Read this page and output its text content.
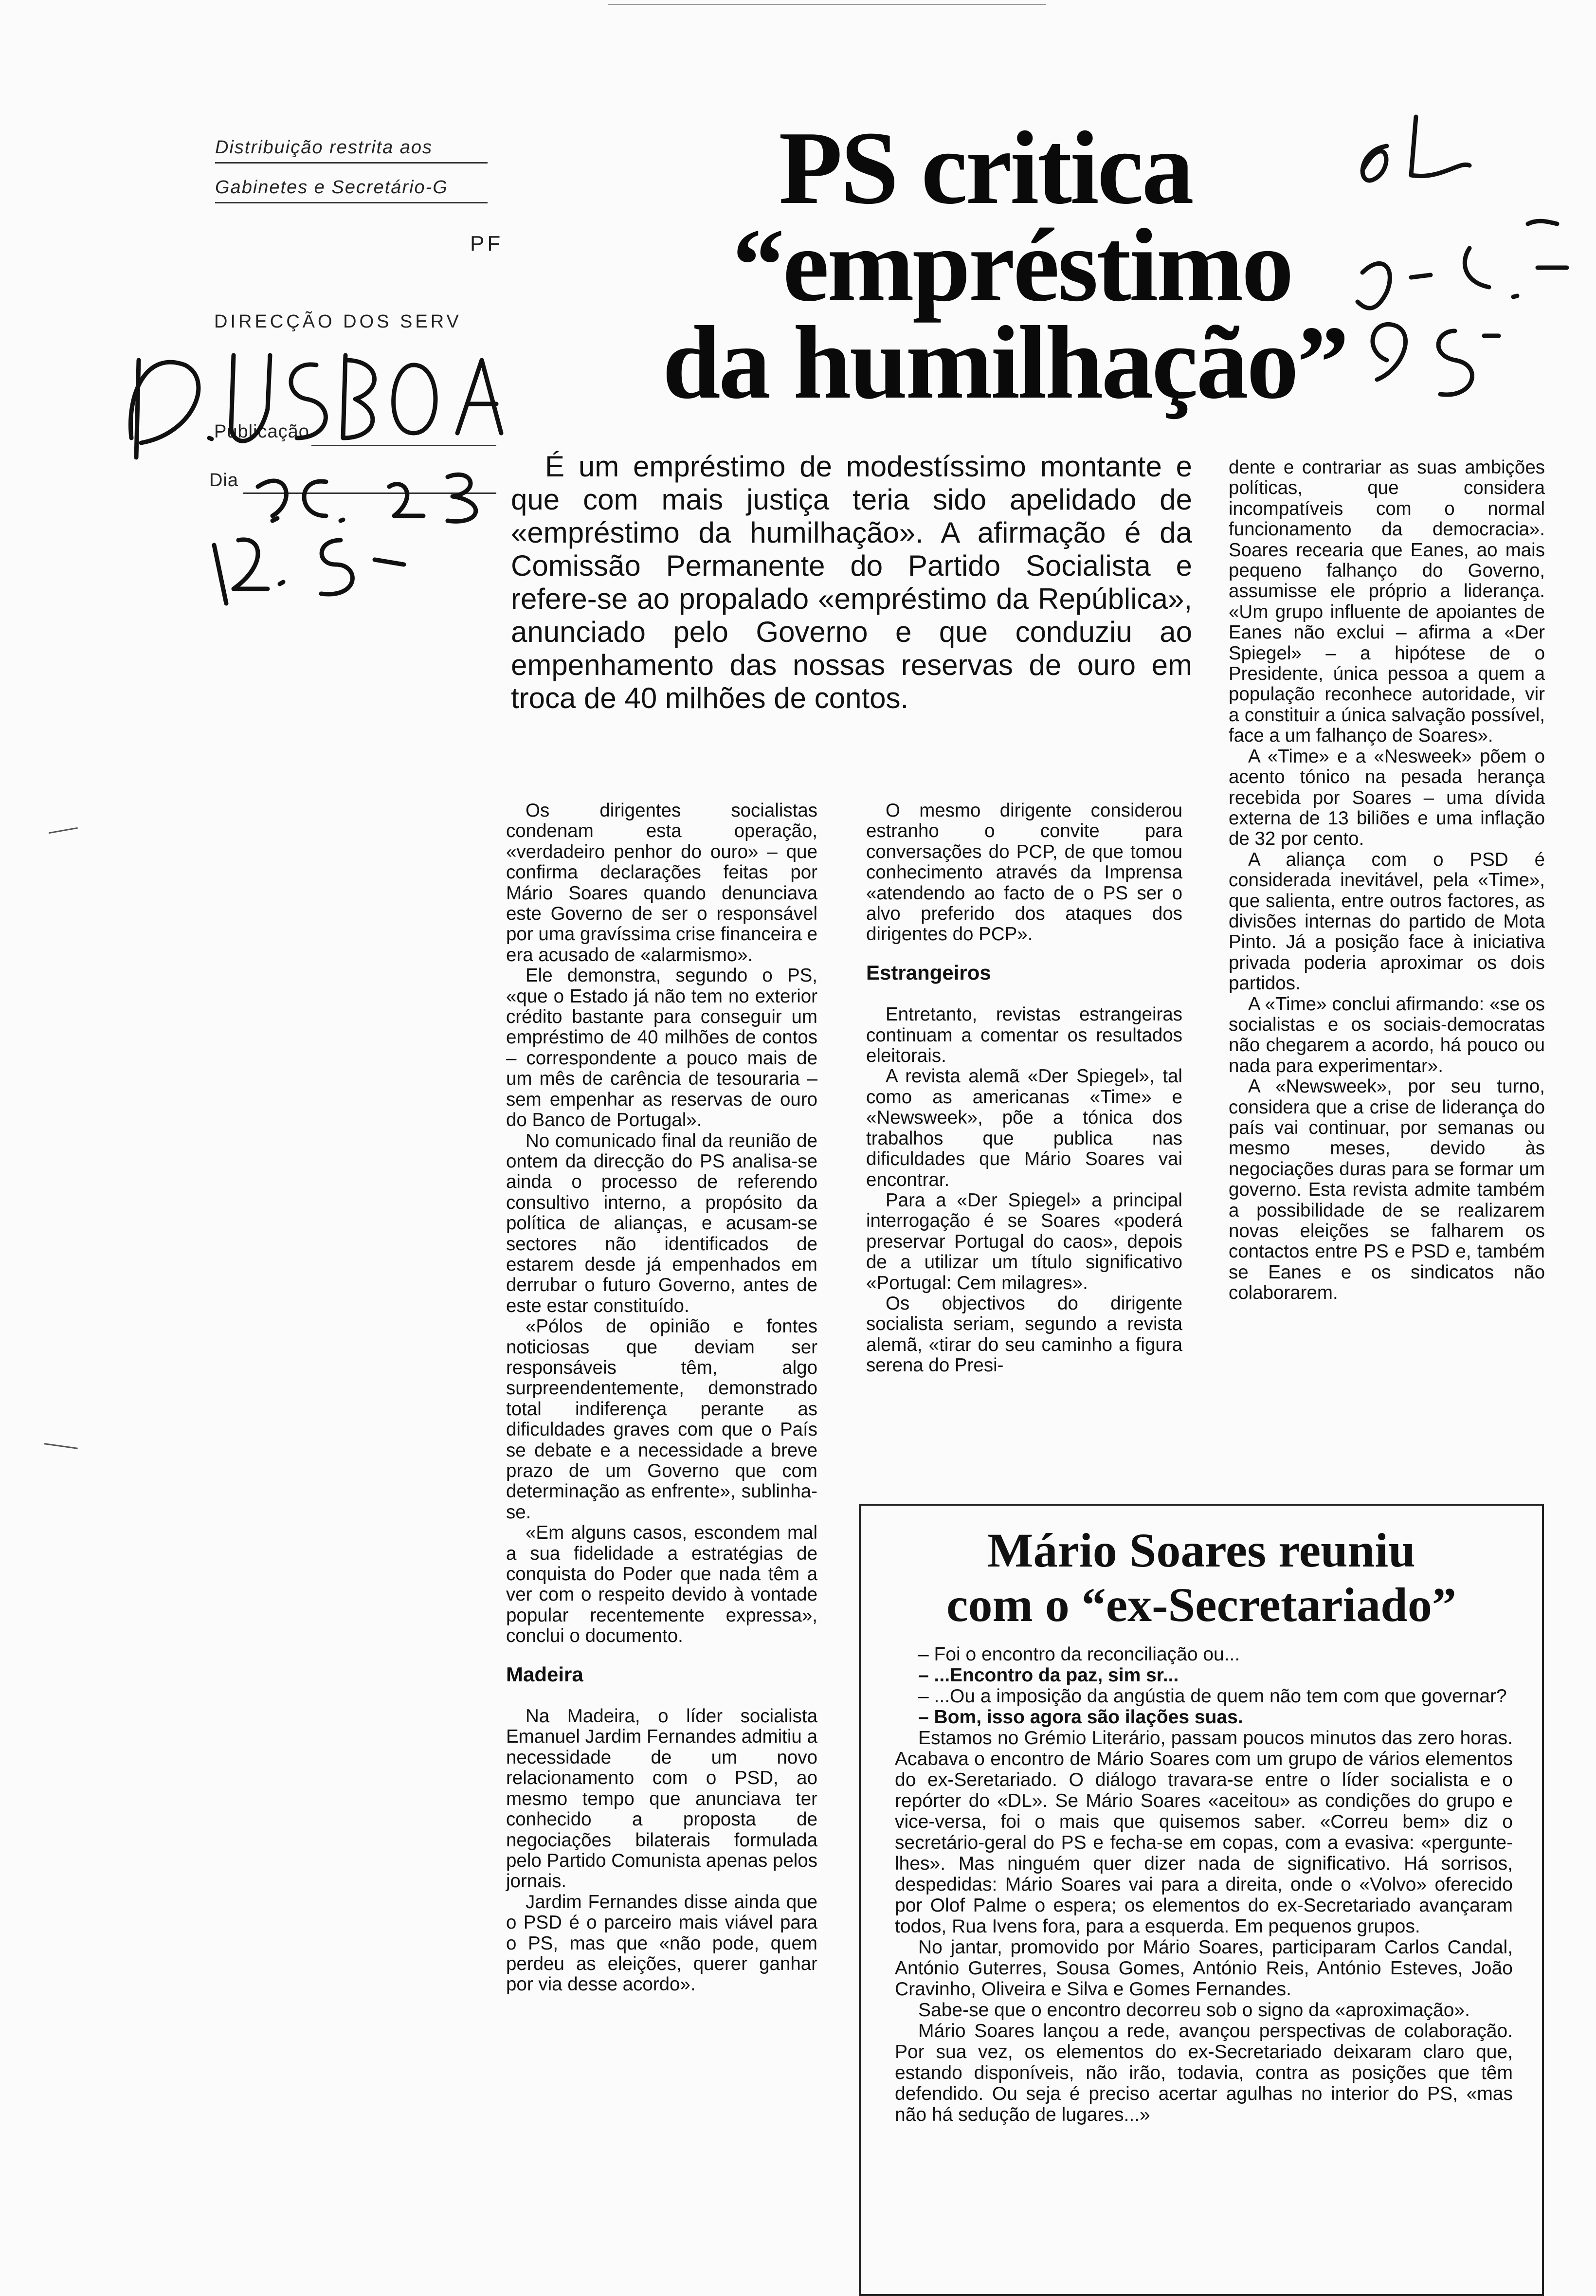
Distribuição restrita aos
Gabinetes e Secretário-G
PF
DIRECÇÃO DOS SERV
Publicação
Dia
PS critica
“empréstimo
da humilhação”
É um empréstimo de modestíssimo montante e que com mais justiça teria sido apelidado de «empréstimo da humilhação». A afirmação é da Comissão Permanente do Partido Socialista e refere-se ao propalado «empréstimo da República», anunciado pelo Governo e que conduziu ao empenhamento das nossas reservas de ouro em troca de 40 milhões de contos.

Os dirigentes socialistas condenam esta operação, «verdadeiro penhor do ouro» – que confirma declarações feitas por Mário Soares quando denunciava este Governo de ser o responsável por uma gravíssima crise financeira e era acusado de «alarmismo».

Ele demonstra, segundo o PS, «que o Estado já não tem no exterior crédito bastante para conseguir um empréstimo de 40 milhões de contos – correspondente a pouco mais de um mês de carência de tesouraria – sem empenhar as reservas de ouro do Banco de Portugal».

No comunicado final da reunião de ontem da direcção do PS analisa-se ainda o processo de referendo consultivo interno, a propósito da política de alianças, e acusam-se sectores não identificados de estarem desde já empenhados em derrubar o futuro Governo, antes de este estar constituído.

«Pólos de opinião e fontes noticiosas que deviam ser responsáveis têm, algo surpreendentemente, demonstrado total indiferença perante as dificuldades graves com que o País se debate e a necessidade a breve prazo de um Governo que com determinação as enfrente», sublinha-se.

«Em alguns casos, escondem mal a sua fidelidade a estratégias de conquista do Poder que nada têm a ver com o respeito devido à vontade popular recentemente expressa», conclui o documento.

Madeira

Na Madeira, o líder socialista Emanuel Jardim Fernandes admitiu a necessidade de um novo relacionamento com o PSD, ao mesmo tempo que anunciava ter conhecido a proposta de negociações bilaterais formulada pelo Partido Comunista apenas pelos jornais.

Jardim Fernandes disse ainda que o PSD é o parceiro mais viável para o PS, mas que «não pode, quem perdeu as eleições, querer ganhar por via desse acordo».

O mesmo dirigente considerou estranho o convite para conversações do PCP, de que tomou conhecimento através da Imprensa «atendendo ao facto de o PS ser o alvo preferido dos ataques dos dirigentes do PCP».

Estrangeiros

Entretanto, revistas estrangeiras continuam a comentar os resultados eleitorais.

A revista alemã «Der Spiegel», tal como as americanas «Time» e «Newsweek», põe a tónica dos trabalhos que publica nas dificuldades que Mário Soares vai encontrar.

Para a «Der Spiegel» a principal interrogação é se Soares «poderá preservar Portugal do caos», depois de a utilizar um título significativo «Portugal: Cem milagres».

Os objectivos do dirigente socialista seriam, segundo a revista alemã, «tirar do seu caminho a figura serena do Presi-

dente e contrariar as suas ambições políticas, que considera incompatíveis com o normal funcionamento da democracia». Soares recearia que Eanes, ao mais pequeno falhanço do Governo, assumisse ele próprio a liderança. «Um grupo influente de apoiantes de Eanes não exclui – afirma a «Der Spiegel» – a hipótese de o Presidente, única pessoa a quem a população reconhece autoridade, vir a constituir a única salvação possível, face a um falhanço de Soares».

A «Time» e a «Nesweek» põem o acento tónico na pesada herança recebida por Soares – uma dívida externa de 13 biliões e uma inflação de 32 por cento.

A aliança com o PSD é considerada inevitável, pela «Time», que salienta, entre outros factores, as divisões internas do partido de Mota Pinto. Já a posição face à iniciativa privada poderia aproximar os dois partidos.

A «Time» conclui afirmando: «se os socialistas e os sociais-democratas não chegarem a acordo, há pouco ou nada para experimentar».

A «Newsweek», por seu turno, considera que a crise de liderança do país vai continuar, por semanas ou mesmo meses, devido às negociações duras para se formar um governo. Esta revista admite também a possibilidade de se realizarem novas eleições se falharem os contactos entre PS e PSD e, também se Eanes e os sindicatos não colaborarem.

Mário Soares reuniu
com o “ex-Secretariado”

– Foi o encontro da reconciliação ou...

– ...Encontro da paz, sim sr...

– ...Ou a imposição da angústia de quem não tem com que governar?

– Bom, isso agora são ilações suas.

Estamos no Grémio Literário, passam poucos minutos das zero horas. Acabava o encontro de Mário Soares com um grupo de vários elementos do ex-Seretariado. O diálogo travara-se entre o líder socialista e o repórter do «DL». Se Mário Soares «aceitou» as condições do grupo e vice-versa, foi o mais que quisemos saber. «Correu bem» diz o secretário-geral do PS e fecha-se em copas, com a evasiva: «pergunte-lhes». Mas ninguém quer dizer nada de significativo. Há sorrisos, despedidas: Mário Soares vai para a direita, onde o «Volvo» oferecido por Olof Palme o espera; os elementos do ex-Secretariado avançaram todos, Rua Ivens fora, para a esquerda. Em pequenos grupos.

No jantar, promovido por Mário Soares, participaram Carlos Candal, António Guterres, Sousa Gomes, António Reis, António Esteves, João Cravinho, Oliveira e Silva e Gomes Fernandes.

Sabe-se que o encontro decorreu sob o signo da «aproximação».

Mário Soares lançou a rede, avançou perspectivas de colaboração. Por sua vez, os elementos do ex-Secretariado deixaram claro que, estando disponíveis, não irão, todavia, contra as posições que têm defendido. Ou seja é preciso acertar agulhas no interior do PS, «mas não há sedução de lugares...»
